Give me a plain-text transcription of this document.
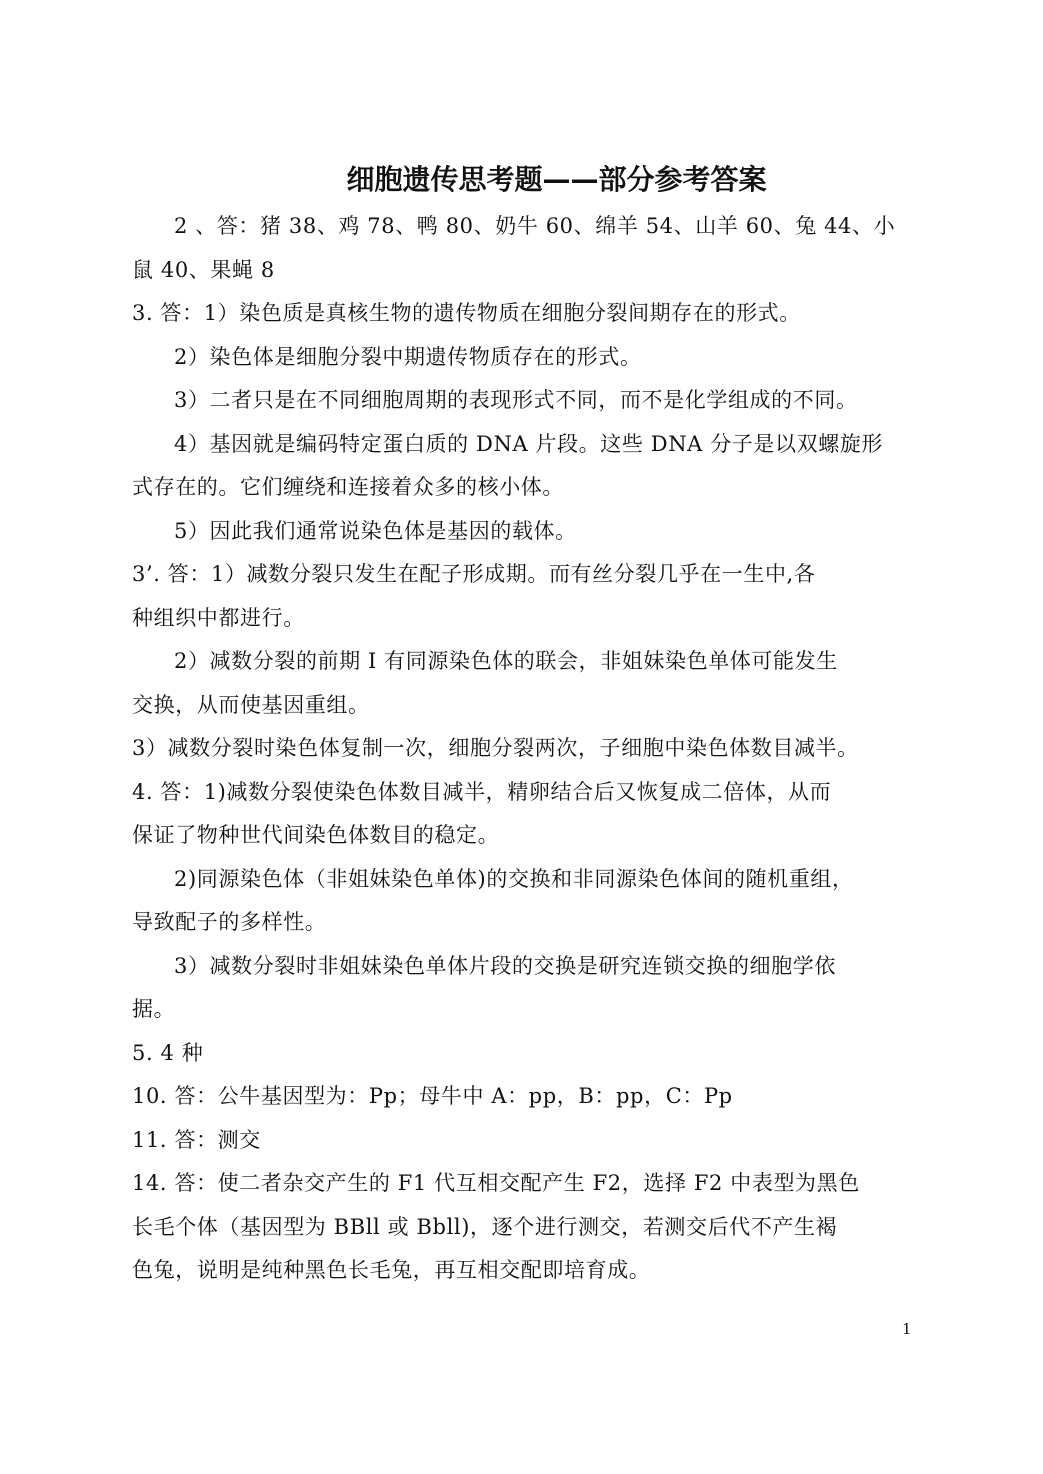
细胞遗传思考题——部分参考答案
2 、答：猪 38、鸡 78、鸭 80、奶牛 60、绵羊 54、山羊 60、兔 44、小
鼠 40、果蝇 8
3. 答：1）染色质是真核生物的遗传物质在细胞分裂间期存在的形式。
2）染色体是细胞分裂中期遗传物质存在的形式。
3）二者只是在不同细胞周期的表现形式不同，而不是化学组成的不同。
4）基因就是编码特定蛋白质的 DNA 片段。这些 DNA 分子是以双螺旋形
式存在的。它们缠绕和连接着众多的核小体。
5）因此我们通常说染色体是基因的载体。
3’. 答：1）减数分裂只发生在配子形成期。而有丝分裂几乎在一生中,各
种组织中都进行。
2）减数分裂的前期 I 有同源染色体的联会，非姐妹染色单体可能发生
交换，从而使基因重组。
3）减数分裂时染色体复制一次，细胞分裂两次，子细胞中染色体数目减半。
4. 答：1)减数分裂使染色体数目减半，精卵结合后又恢复成二倍体，从而
保证了物种世代间染色体数目的稳定。
2)同源染色体（非姐妹染色单体)的交换和非同源染色体间的随机重组，
导致配子的多样性。
3）减数分裂时非姐妹染色单体片段的交换是研究连锁交换的细胞学依
据。
5. 4 种
10. 答：公牛基因型为：Pp；母牛中 A：pp，B：pp，C：Pp
11. 答：测交
14. 答：使二者杂交产生的 F1 代互相交配产生 F2，选择 F2 中表型为黑色
长毛个体（基因型为 BBll 或 Bbll)，逐个进行测交，若测交后代不产生褐
色兔，说明是纯种黑色长毛兔，再互相交配即培育成。
1
